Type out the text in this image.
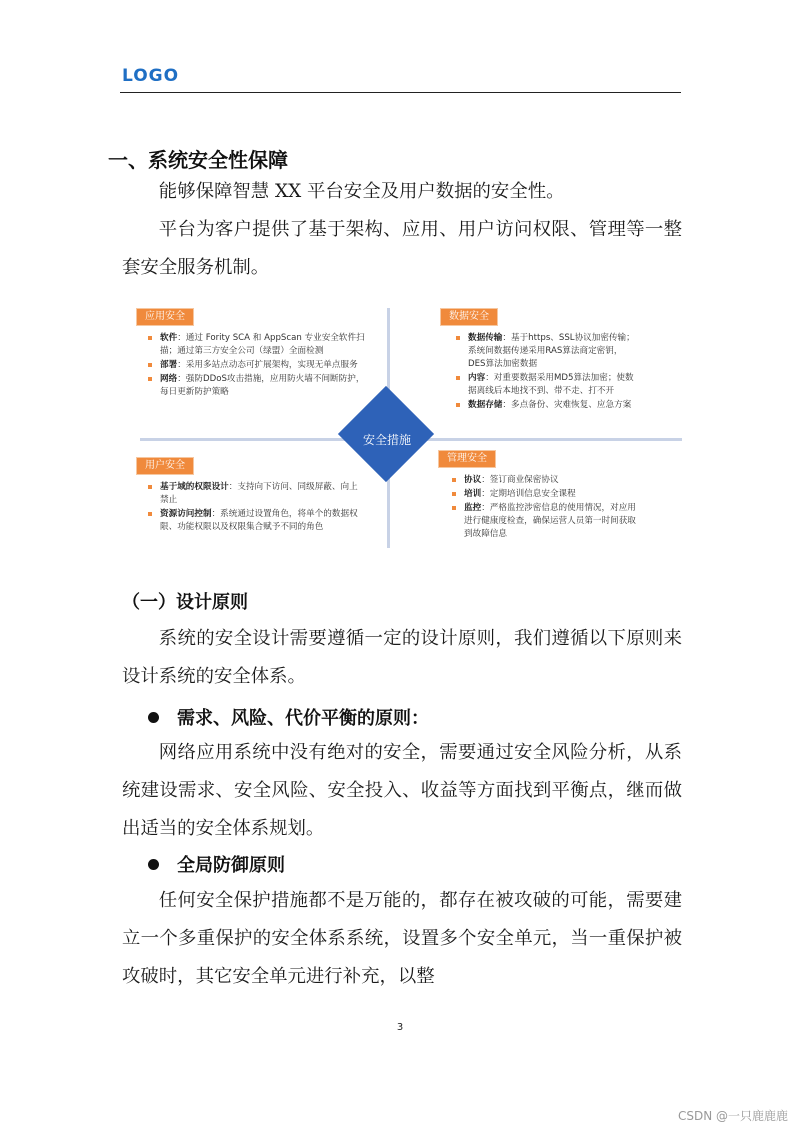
LOGO
一、系统安全性保障
能够保障智慧 XX 平台安全及用户数据的安全性。
平台为客户提供了基于架构、应用、用户访问权限、管理等一整套安全服务机制。
安全措施
应用安全
软件：通过 Fority SCA 和 AppScan 专业安全软件扫描；通过第三方安全公司（绿盟）全面检测
部署：采用多站点动态可扩展架构，实现无单点服务
网络：强防DDoS攻击措施，应用防火墙不间断防护，每日更新防护策略
数据安全
数据传输：基于https、SSL协议加密传输；系统间数据传递采用RAS算法商定密钥，DES算法加密数据
内容：对重要数据采用MD5算法加密；使数据离线后本地找不到、带不走、打不开
数据存储：多点备份、灾难恢复、应急方案
用户安全
基于域的权限设计：支持向下访问、同级屏蔽、向上禁止
资源访问控制：系统通过设置角色，将单个的数据权限、功能权限以及权限集合赋予不同的角色
管理安全
协议：签订商业保密协议
培训：定期培训信息安全课程
监控：严格监控涉密信息的使用情况，对应用进行健康度检查，确保运营人员第一时间获取到故障信息
（一）设计原则
系统的安全设计需要遵循一定的设计原则，我们遵循以下原则来设计系统的安全体系。
需求、风险、代价平衡的原则：
网络应用系统中没有绝对的安全，需要通过安全风险分析，从系统建设需求、安全风险、安全投入、收益等方面找到平衡点，继而做出适当的安全体系规划。
全局防御原则
任何安全保护措施都不是万能的，都存在被攻破的可能，需要建立一个多重保护的安全体系系统，设置多个安全单元，当一重保护被攻破时，其它安全单元进行补充，以整
3
CSDN @一只鹿鹿鹿
